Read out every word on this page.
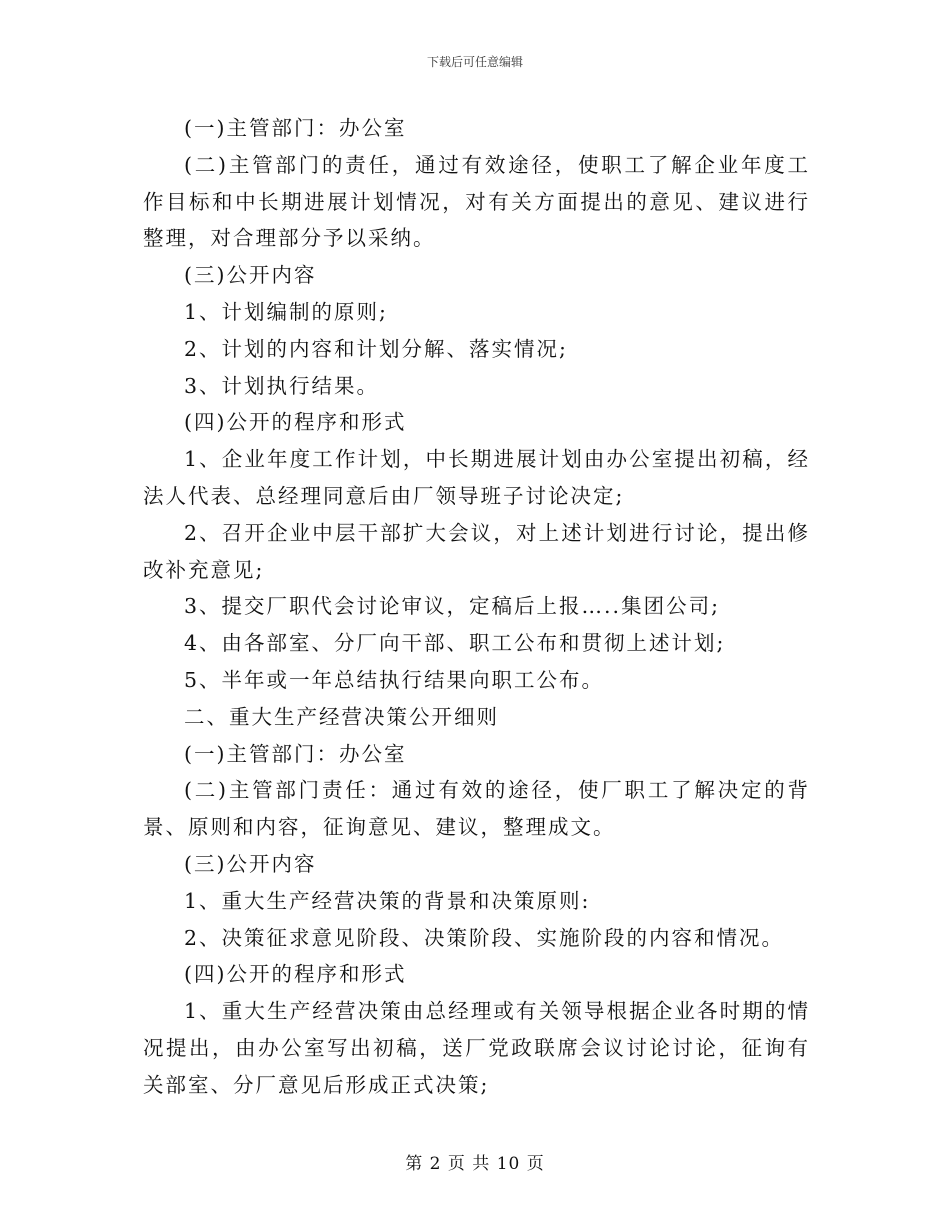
下载后可任意编辑

(一)主管部门：办公室

(二)主管部门的责任，通过有效途径，使职工了解企业年度工作目标和中长期进展计划情况，对有关方面提出的意见、建议进行整理，对合理部分予以采纳。

(三)公开内容

1、计划编制的原则;

2、计划的内容和计划分解、落实情况;

3、计划执行结果。

(四)公开的程序和形式

1、企业年度工作计划，中长期进展计划由办公室提出初稿，经法人代表、总经理同意后由厂领导班子讨论决定;

2、召开企业中层干部扩大会议，对上述计划进行讨论，提出修改补充意见;

3、提交厂职代会讨论审议，定稿后上报…..集团公司;

4、由各部室、分厂向干部、职工公布和贯彻上述计划;

5、半年或一年总结执行结果向职工公布。

二、重大生产经营决策公开细则

(一)主管部门：办公室

(二)主管部门责任：通过有效的途径，使厂职工了解决定的背景、原则和内容，征询意见、建议，整理成文。

(三)公开内容

1、重大生产经营决策的背景和决策原则:

2、决策征求意见阶段、决策阶段、实施阶段的内容和情况。

(四)公开的程序和形式

1、重大生产经营决策由总经理或有关领导根据企业各时期的情况提出，由办公室写出初稿，送厂党政联席会议讨论讨论，征询有关部室、分厂意见后形成正式决策;

第 2 页 共 10 页
